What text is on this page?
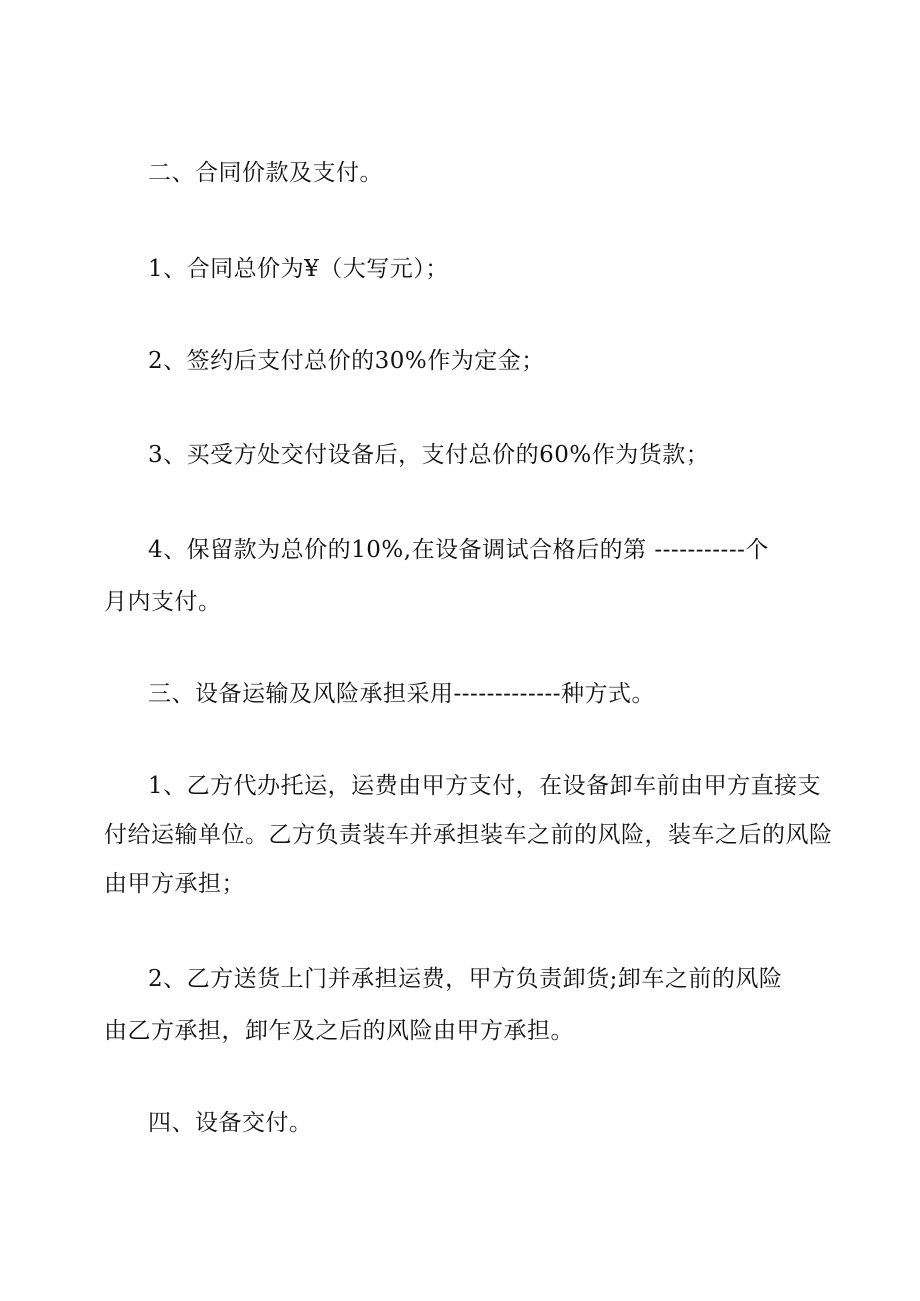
二、合同价款及支付。
1、合同总价为¥（大写元）；
2、签约后支付总价的30%作为定金；
3、买受方处交付设备后，支付总价的60%作为货款；
4、保留款为总价的10%,在设备调试合格后的第 -----------个
月内支付。
三、设备运输及风险承担采用-------------种方式。
1、乙方代办托运，运费由甲方支付，在设备卸车前由甲方直接支
付给运输单位。乙方负责装车并承担装车之前的风险，装车之后的风险
由甲方承担；
2、乙方送货上门并承担运费，甲方负责卸货;卸车之前的风险
由乙方承担，卸乍及之后的风险由甲方承担。
四、设备交付。
